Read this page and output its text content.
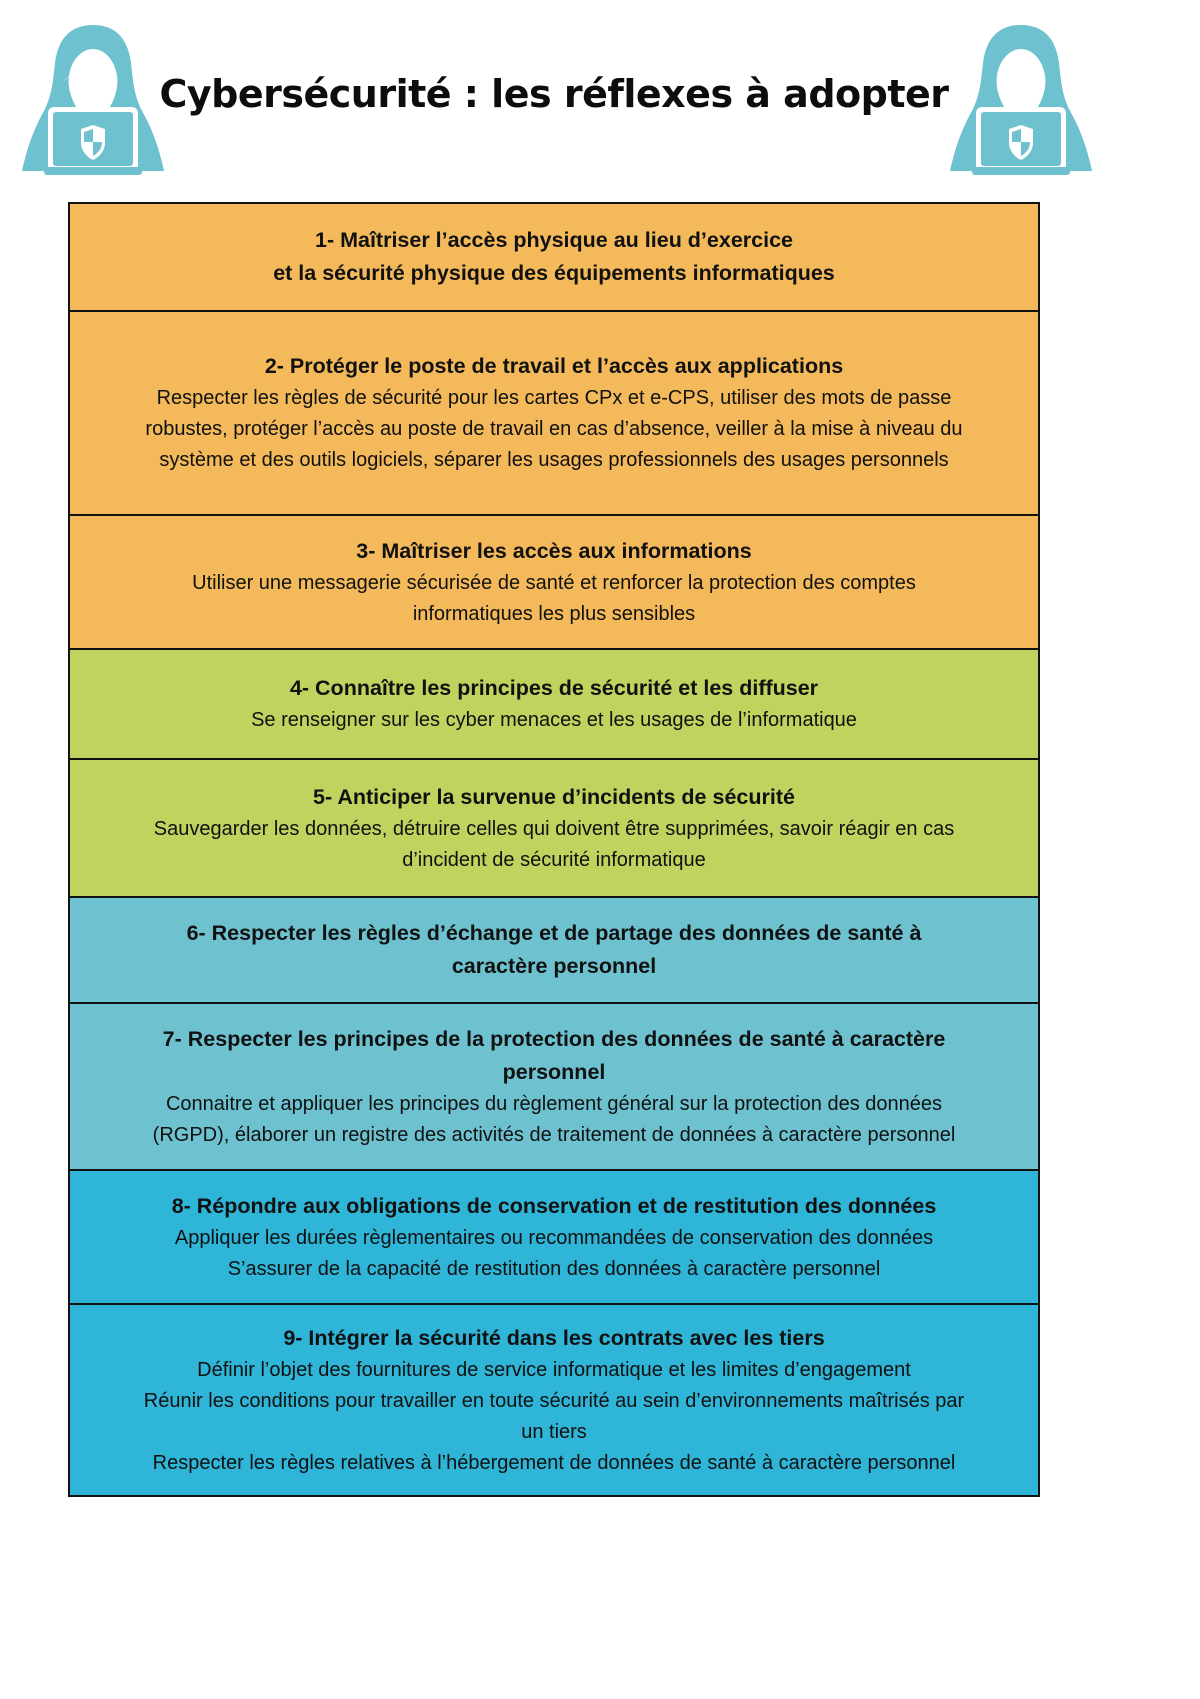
Cybersécurité : les réflexes à adopter
1- Maîtriser l’accès physique au lieu d’exercice
et la sécurité physique des équipements informatiques
2- Protéger le poste de travail et l’accès aux applications
Respecter les règles de sécurité pour les cartes CPx et e-CPS, utiliser des mots de passe
robustes, protéger l’accès au poste de travail en cas d’absence, veiller à la mise à niveau du
système et des outils logiciels, séparer les usages professionnels des usages personnels
3- Maîtriser les accès aux informations
Utiliser une messagerie sécurisée de santé et renforcer la protection des comptes
informatiques les plus sensibles
4- Connaître les principes de sécurité et les diffuser
Se renseigner sur les cyber menaces et les usages de l’informatique
5- Anticiper la survenue d’incidents de sécurité
Sauvegarder les données, détruire celles qui doivent être supprimées, savoir réagir en cas
d’incident de sécurité informatique
6- Respecter les règles d’échange et de partage des données de santé à
caractère personnel
7- Respecter les principes de la protection des données de santé à caractère
personnel
Connaitre et appliquer les principes du règlement général sur la protection des données
(RGPD), élaborer un registre des activités de traitement de données à caractère personnel
8- Répondre aux obligations de conservation et de restitution des données
Appliquer les durées règlementaires ou recommandées de conservation des données
S’assurer de la capacité de restitution des données à caractère personnel
9- Intégrer la sécurité dans les contrats avec les tiers
Définir l’objet des fournitures de service informatique et les limites d’engagement
Réunir les conditions pour travailler en toute sécurité au sein d’environnements maîtrisés par
un tiers
Respecter les règles relatives à l’hébergement de données de santé à caractère personnel
